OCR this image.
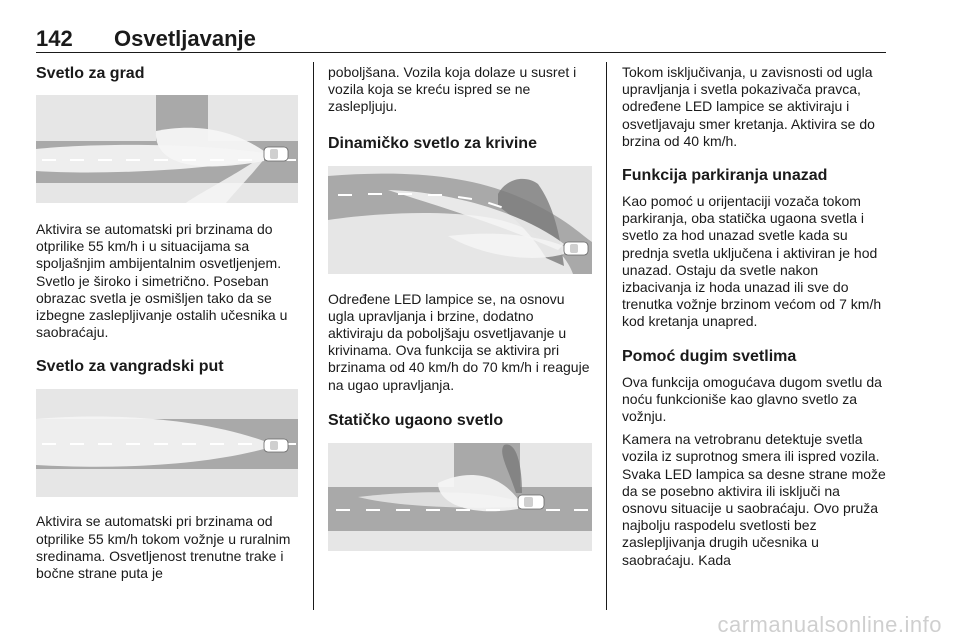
142 Osvetljavanje
Svetlo za grad

Aktivira se automatski pri brzinama do otprilike 55 km/h i u situacijama sa spoljašnjim ambijentalnim osvetljenjem. Svetlo je široko i simetrično. Poseban obrazac svetla je osmišljen tako da se izbegne zaslepljivanje ostalih učesnika u saobraćaju.

Svetlo za vangradski put

Aktivira se automatski pri brzinama od otprilike 55 km/h tokom vožnje u ruralnim sredinama. Osvetljenost trenutne trake i bočne strane puta je

poboljšana. Vozila koja dolaze u susret i vozila koja se kreću ispred se ne zaslepljuju.

Dinamičko svetlo za krivine

Određene LED lampice se, na osnovu ugla upravljanja i brzine, dodatno aktiviraju da poboljšaju osvetljavanje u krivinama. Ova funkcija se aktivira pri brzinama od 40 km/h do 70 km/h i reaguje na ugao upravljanja.

Statičko ugaono svetlo

Tokom isključivanja, u zavisnosti od ugla upravljanja i svetla pokazivača pravca, određene LED lampice se aktiviraju i osvetljavaju smer kretanja. Aktivira se do brzina od 40 km/h.

Funkcija parkiranja unazad

Kao pomoć u orijentaciji vozača tokom parkiranja, oba statička ugaona svetla i svetlo za hod unazad svetle kada su prednja svetla uključena i aktiviran je hod unazad. Ostaju da svetle nakon izbacivanja iz hoda unazad ili sve do trenutka vožnje brzinom većom od 7 km/h kod kretanja unapred.

Pomoć dugim svetlima

Ova funkcija omogućava dugom svetlu da noću funkcioniše kao glavno svetlo za vožnju.

Kamera na vetrobranu detektuje svetla vozila iz suprotnog smera ili ispred vozila. Svaka LED lampica sa desne strane može da se posebno aktivira ili isključi na osnovu situacije u saobraćaju. Ovo pruža najbolju raspodelu svetlosti bez zaslepljivanja drugih učesnika u saobraćaju. Kada

carmanualsonline.info
